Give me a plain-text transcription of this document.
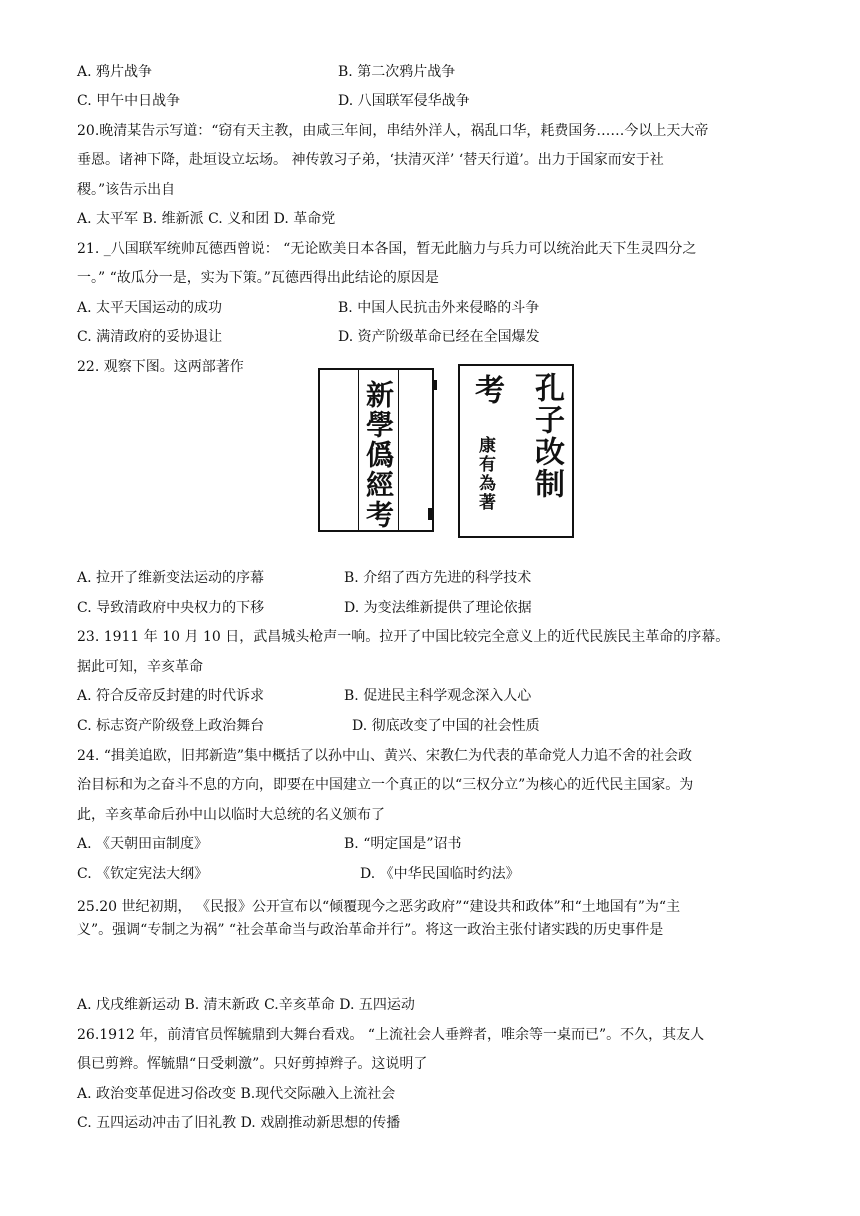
A. 鸦片战争	B. 第二次鸦片战争
C. 甲午中日战争	D. 八国联军侵华战争
20.晚清某告示写道：“窃有天主教，由咸三年间，串结外洋人，祸乱口华，耗费国务……今以上天大帝
垂恩。诸神下降，赴垣设立坛场。 神传敦习子弟，‘扶清灭洋’ ‘替天行道’。出力于国家而安于社
稷。”该告示出自
A. 太平军 B. 维新派 C. 义和团 D. 革命党
21. _八国联军统帅瓦德西曾说： “无论欧美日本各国，暂无此脑力与兵力可以统治此天下生灵四分之
一。” “故瓜分一是，实为下策。”瓦德西得出此结论的原因是
A. 太平天国运动的成功	B. 中国人民抗击外来侵略的斗争
C. 满清政府的妥协退让	D. 资产阶级革命已经在全国爆发
22. 观察下图。这两部著作
新學僞經考	孔子改制
考
康有為著
A. 拉开了维新变法运动的序幕	B. 介绍了西方先进的科学技术
C. 导致清政府中央权力的下移	D. 为变法维新提供了理论依据
23. 1911 年 10 月 10 日，武昌城头枪声一响。拉开了中国比较完全意义上的近代民族民主革命的序幕。
据此可知，辛亥革命
A. 符合反帝反封建的时代诉求	B. 促进民主科学观念深入人心
C. 标志资产阶级登上政治舞台	D. 彻底改变了中国的社会性质
24. “揖美追欧，旧邦新造”集中概括了以孙中山、黄兴、宋教仁为代表的革命党人力追不舍的社会政
治目标和为之奋斗不息的方向，即要在中国建立一个真正的以“三权分立”为核心的近代民主国家。为
此，辛亥革命后孙中山以临时大总统的名义颁布了
A. 《天朝田亩制度》	B. “明定国是”诏书
C. 《钦定宪法大纲》	D. 《中华民国临时约法》
25.20 世纪初期， 《民报》公开宣布以“倾覆现今之恶劣政府”“建设共和政体”和“土地国有”为“主
义”。强调“专制之为祸” “社会革命当与政治革命并行”。将这一政治主张付诸实践的历史事件是
A. 戊戌维新运动 B. 清末新政 C.辛亥革命 D. 五四运动
26.1912 年，前清官员恽毓鼎到大舞台看戏。 “上流社会人垂辫者，唯余等一桌而已”。不久，其友人
俱已剪辫。恽毓鼎“日受刺激”。只好剪掉辫子。这说明了
A. 政治变革促进习俗改变 B.现代交际融入上流社会
C. 五四运动冲击了旧礼教 D. 戏剧推动新思想的传播
